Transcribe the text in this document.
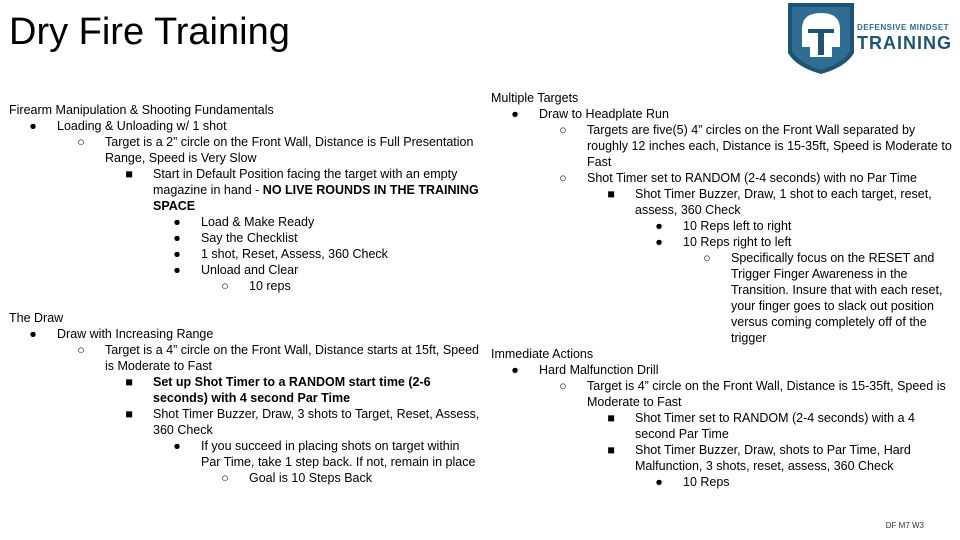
Dry Fire Training	DEFENSIVE MINDSET
TRAINING
Firearm Manipulation & Shooting Fundamentals
●	Loading & Unloading w/ 1 shot
○	Target is a 2” circle on the Front Wall, Distance is Full Presentation Range, Speed is Very Slow
■	Start in Default Position facing the target with an empty magazine in hand - NO LIVE ROUNDS IN THE TRAINING SPACE
●	Load & Make Ready
●	Say the Checklist
●	1 shot, Reset, Assess, 360 Check
●	Unload and Clear
○	10 reps
The Draw
●	Draw with Increasing Range
○	Target is a 4” circle on the Front Wall, Distance starts at 15ft, Speed is Moderate to Fast
■	Set up Shot Timer to a RANDOM start time (2-6 seconds) with 4 second Par Time
■	Shot Timer Buzzer, Draw, 3 shots to Target, Reset, Assess, 360 Check
●	If you succeed in placing shots on target within Par Time, take 1 step back. If not, remain in place
○	Goal is 10 Steps Back
Multiple Targets
●	Draw to Headplate Run
○	Targets are five(5) 4” circles on the Front Wall separated by roughly 12 inches each, Distance is 15-35ft, Speed is Moderate to Fast
○	Shot Timer set to RANDOM (2-4 seconds) with no Par Time
■	Shot Timer Buzzer, Draw, 1 shot to each target, reset, assess, 360 Check
●	10 Reps left to right
●	10 Reps right to left
○	Specifically focus on the RESET and Trigger Finger Awareness in the Transition. Insure that with each reset, your finger goes to slack out position versus coming completely off of the trigger
Immediate Actions
●	Hard Malfunction Drill
○	Target is 4” circle on the Front Wall, Distance is 15-35ft, Speed is Moderate to Fast
■	Shot Timer set to RANDOM (2-4 seconds) with a 4 second Par Time
■	Shot Timer Buzzer, Draw, shots to Par Time, Hard Malfunction, 3 shots, reset, assess, 360 Check
●	10 Reps
DF M7 W3
